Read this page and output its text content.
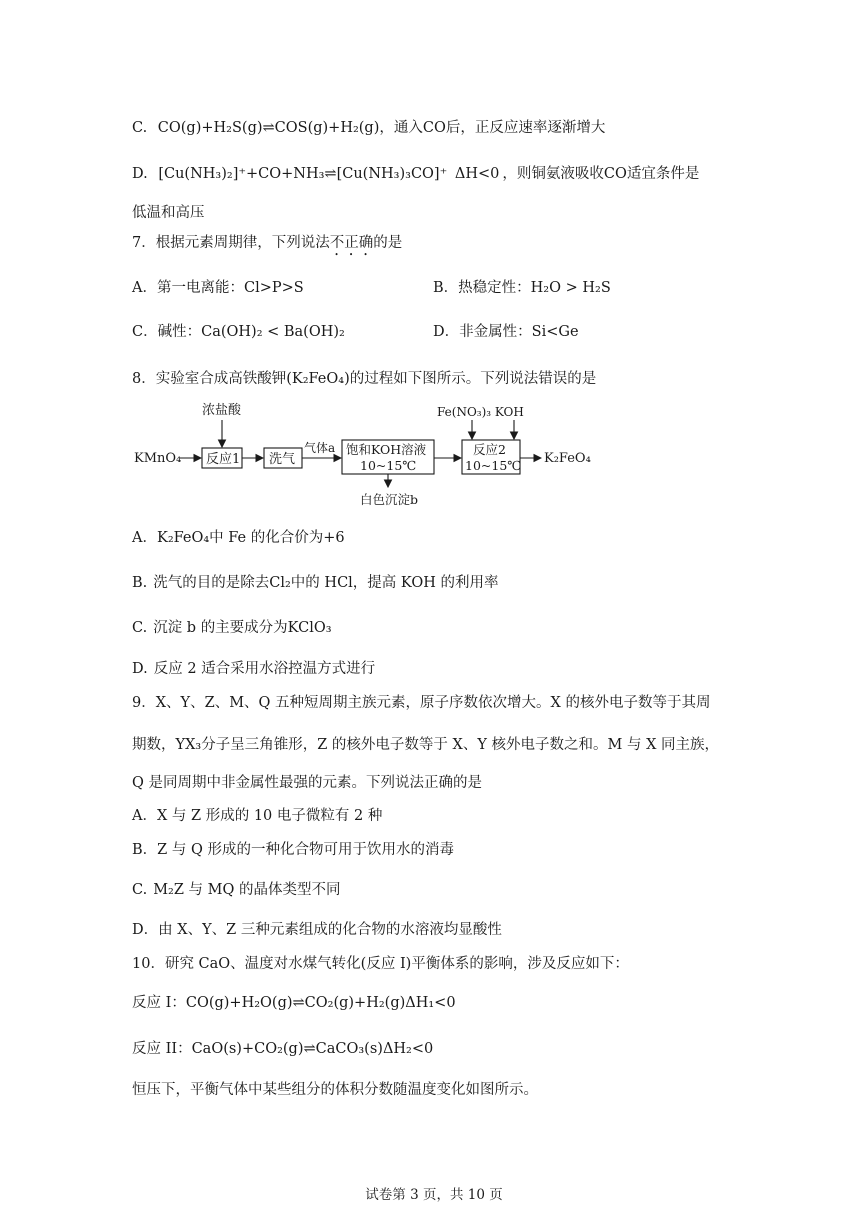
C. CO(g)+H₂S(g)⇌COS(g)+H₂(g)，通入CO后，正反应速率逐渐增大
D. [Cu(NH₃)₂]⁺+CO+NH₃⇌[Cu(NH₃)₃CO]⁺ ΔH<0 ，则铜氨液吸收CO适宜条件是
低温和高压
7．根据元素周期律，下列说法不正确的是
A．第一电离能：Cl>P>S	B．热稳定性：H₂O > H₂S
C．碱性：Ca(OH)₂ < Ba(OH)₂	D．非金属性：Si<Ge
8．实验室合成高铁酸钾(K₂FeO₄)的过程如下图所示。下列说法错误的是
KMnO₄
浓盐酸
反应1 洗气
气体a 饱和KOH溶液
10~15℃
白色沉淀b
Fe(NO₃)₃ KOH
反应2
10~15℃ K₂FeO₄
A．K₂FeO₄中 Fe 的化合价为+6
B. 洗气的目的是除去Cl₂中的 HCl，提高 KOH 的利用率
C. 沉淀 b 的主要成分为KClO₃
D. 反应 2 适合采用水浴控温方式进行
9．X、Y、Z、M、Q 五种短周期主族元素，原子序数依次增大。X 的核外电子数等于其周
期数，YX₃分子呈三角锥形，Z 的核外电子数等于 X、Y 核外电子数之和。M 与 X 同主族，
Q 是同周期中非金属性最强的元素。下列说法正确的是
A．X 与 Z 形成的 10 电子微粒有 2 种
B．Z 与 Q 形成的一种化合物可用于饮用水的消毒
C. M₂Z 与 MQ 的晶体类型不同
D．由 X、Y、Z 三种元素组成的化合物的水溶液均显酸性
10．研究 CaO、温度对水煤气转化(反应 I)平衡体系的影响，涉及反应如下：
反应 I：CO(g)+H₂O(g)⇌CO₂(g)+H₂(g)ΔH₁<0
反应 II：CaO(s)+CO₂(g)⇌CaCO₃(s)ΔH₂<0
恒压下，平衡气体中某些组分的体积分数随温度变化如图所示。
试卷第 3 页，共 10 页
